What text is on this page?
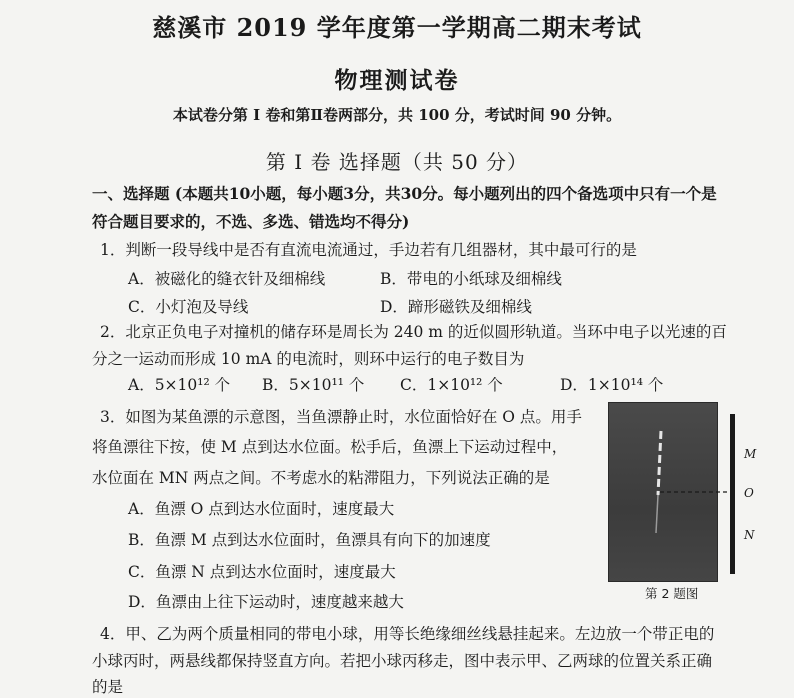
慈溪市 2019 学年度第一学期高二期末考试
物理测试卷
本试卷分第 I 卷和第Ⅱ卷两部分，共 100 分，考试时间 90 分钟。
第 I 卷 选择题（共 50 分）
一、选择题 (本题共10小题，每小题3分，共30分。每小题列出的四个备选项中只有一个是
符合题目要求的，不选、多选、错选均不得分)
1．判断一段导线中是否有直流电流通过，手边若有几组器材，其中最可行的是
A．被磁化的缝衣针及细棉线	B．带电的小纸球及细棉线
C．小灯泡及导线	D．蹄形磁铁及细棉线
2．北京正负电子对撞机的储存环是周长为 240 m 的近似圆形轨道。当环中电子以光速的百
分之一运动而形成 10 mA 的电流时，则环中运行的电子数目为
A．5×10¹² 个 B．5×10¹¹ 个 C．1×10¹² 个	D．1×10¹⁴ 个
3．如图为某鱼漂的示意图，当鱼漂静止时，水位面恰好在 O 点。用手
将鱼漂往下按，使 M 点到达水位面。松手后，鱼漂上下运动过程中，
水位面在 MN 两点之间。不考虑水的粘滞阻力，下列说法正确的是
A．鱼漂 O 点到达水位面时，速度最大
B．鱼漂 M 点到达水位面时，鱼漂具有向下的加速度
C．鱼漂 N 点到达水位面时，速度最大
D．鱼漂由上往下运动时，速度越来越大
M
O
N
第 2 题图
4．甲、乙为两个质量相同的带电小球，用等长绝缘细丝线悬挂起来。左边放一个带正电的
小球丙时，两悬线都保持竖直方向。若把小球丙移走，图中表示甲、乙两球的位置关系正确
的是
